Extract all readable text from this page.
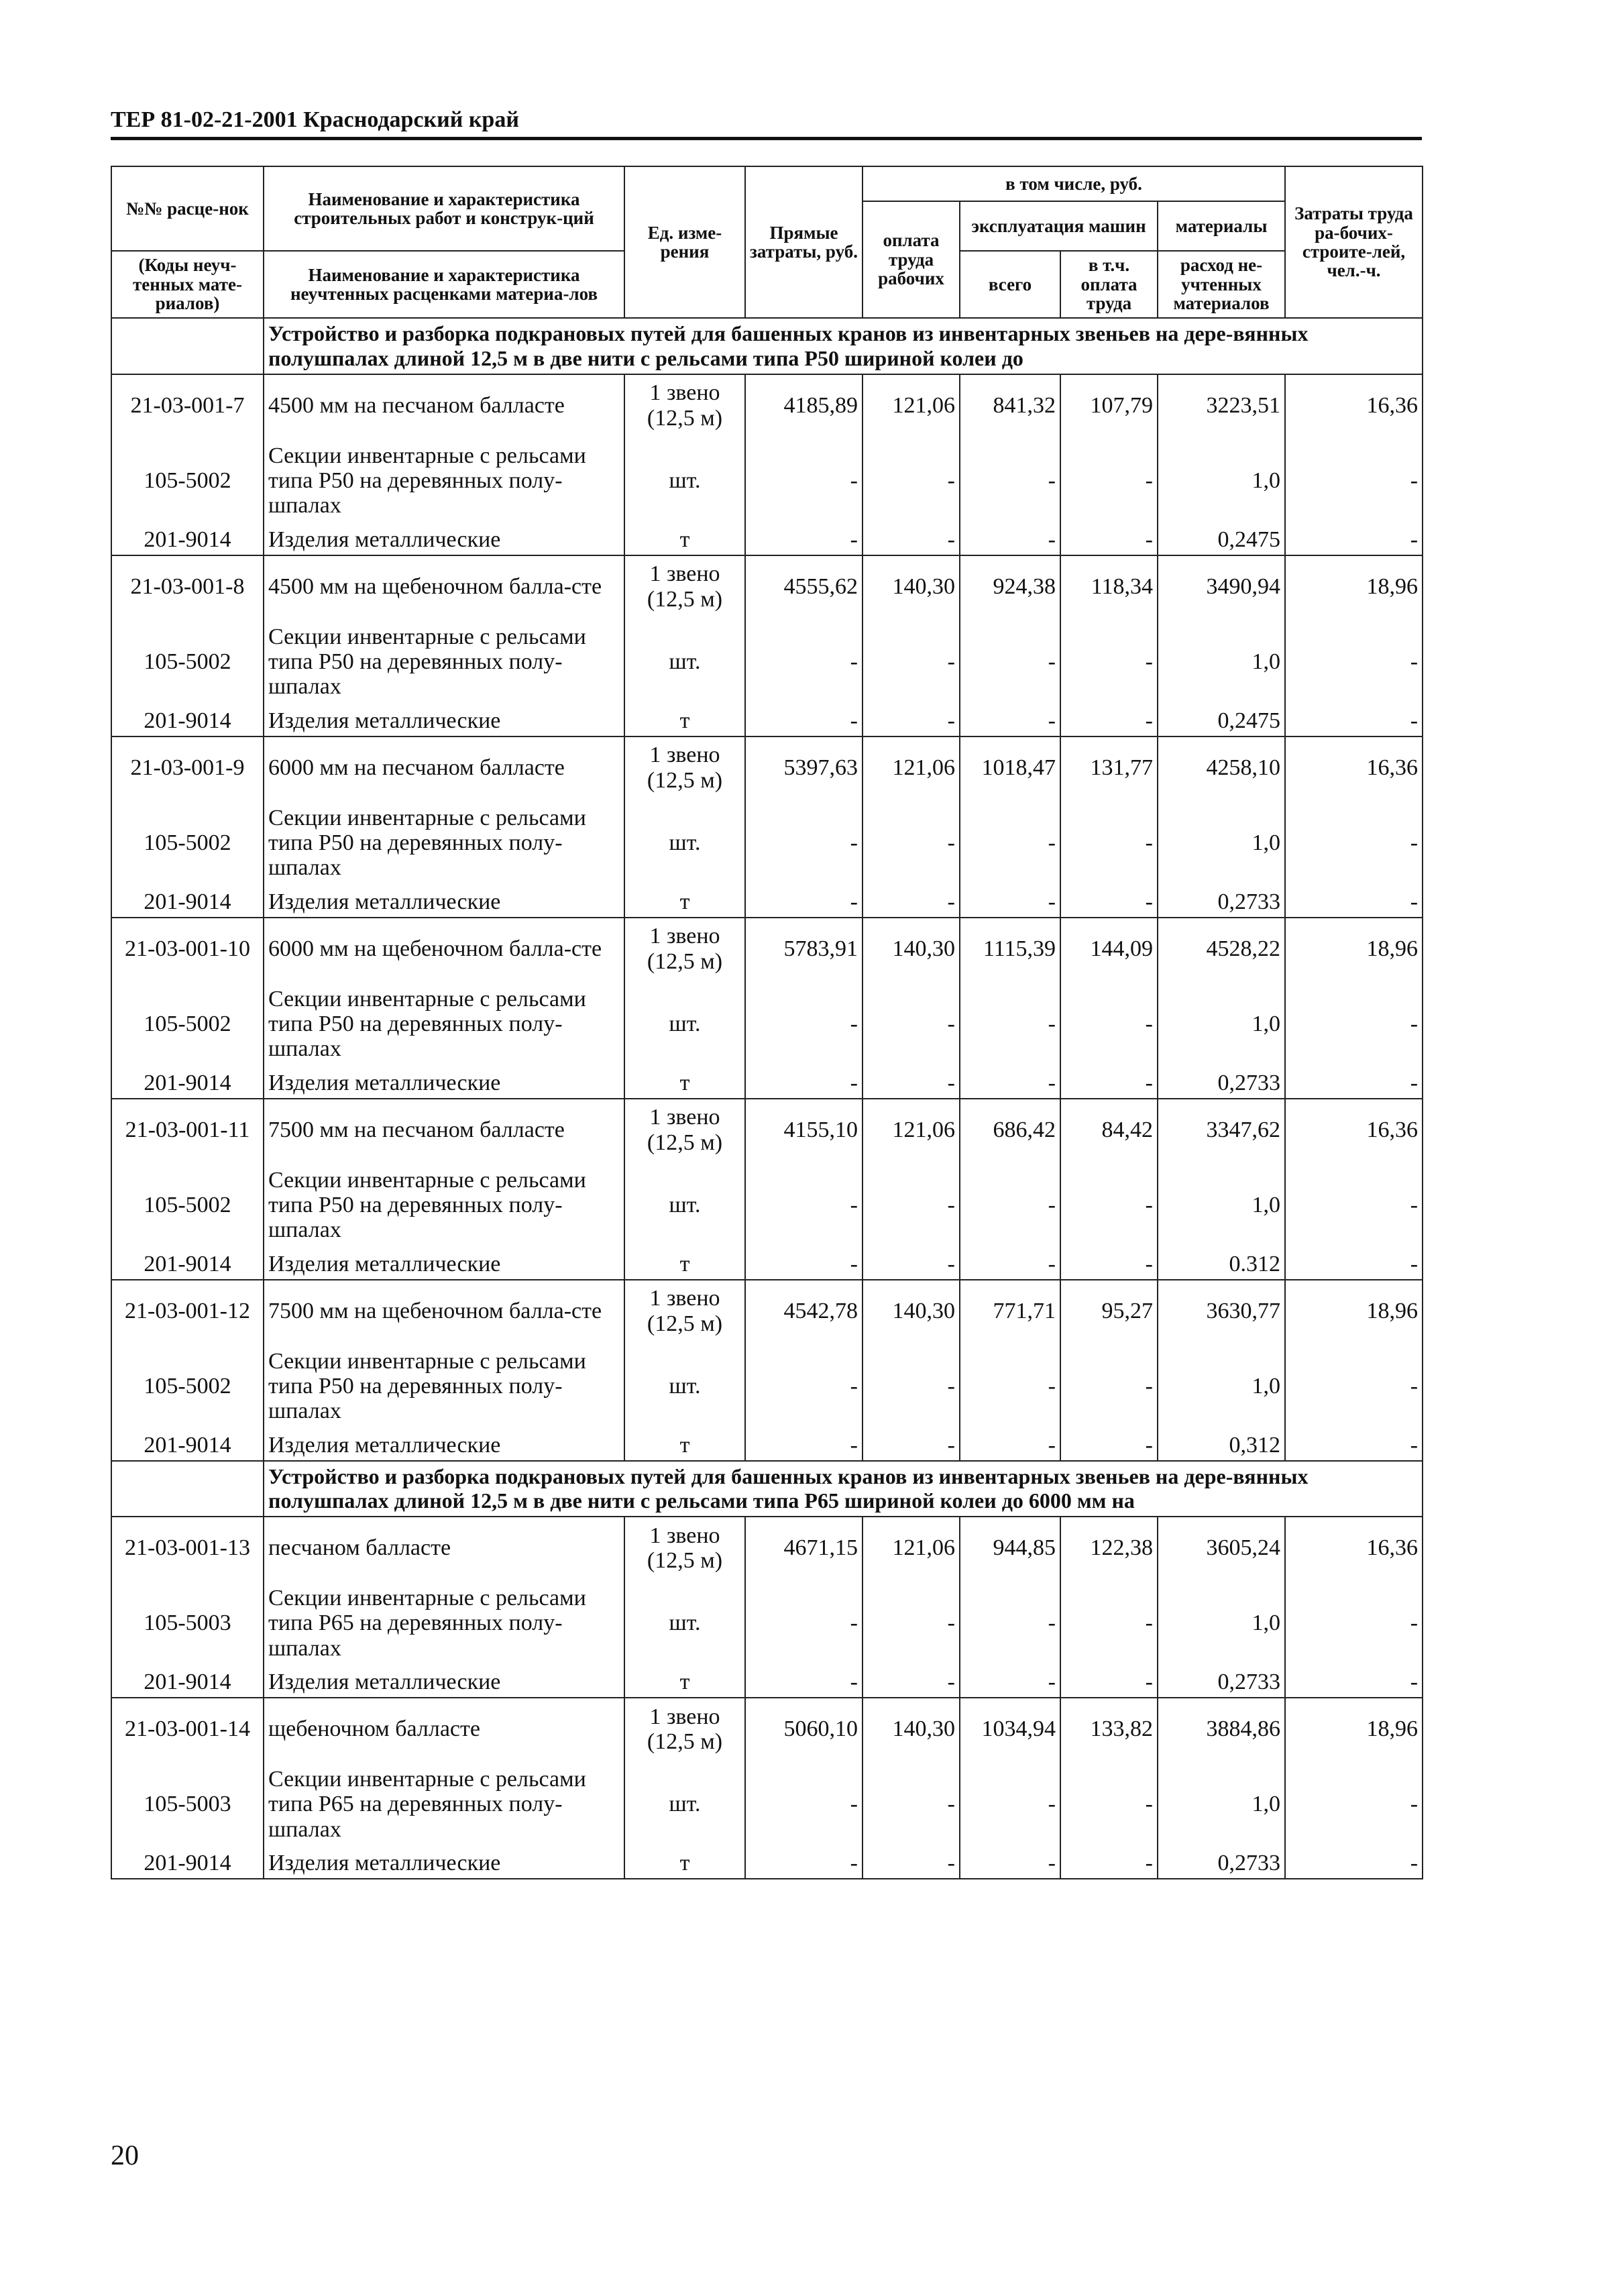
ТЕР 81-02-21-2001 Краснодарский край
№№ расце-нок	Наименование и характеристика строительных работ и конструк-ций	Ед. изме-рения	Прямые затраты, руб.	в том числе, руб.				Затраты труда ра-бочих-строите-лей, чел.-ч.
				оплата труда рабочих	эксплуатация машин		материалы	
(Коды неуч-тенных мате-риалов)	Наименование и характеристика неучтенных расценками материа-лов				всего	в т.ч. оплата труда	расход не-учтенных материалов	

	Устройство и разборка подкрановых путей для башенных кранов из инвентарных звеньев на дере-вянных полушпалах длиной 12,5 м в две нити с рельсами типа Р50 шириной колеи до							
21-03-001-7	4500 мм на песчаном балласте	1 звено (12,5 м)	4185,89	121,06	841,32	107,79	3223,51	16,36
105-5002	Секции инвентарные с рельсами типа Р50 на деревянных полу-шпалах	шт.	-	-	-	-	1,0	-
201-9014	Изделия металлические	т	-	-	-	-	0,2475	-
21-03-001-8	4500 мм на щебеночном балла-сте	1 звено (12,5 м)	4555,62	140,30	924,38	118,34	3490,94	18,96
105-5002	Секции инвентарные с рельсами типа Р50 на деревянных полу-шпалах	шт.	-	-	-	-	1,0	-
201-9014	Изделия металлические	т	-	-	-	-	0,2475	-
21-03-001-9	6000 мм на песчаном балласте	1 звено (12,5 м)	5397,63	121,06	1018,47	131,77	4258,10	16,36
105-5002	Секции инвентарные с рельсами типа Р50 на деревянных полу-шпалах	шт.	-	-	-	-	1,0	-
201-9014	Изделия металлические	т	-	-	-	-	0,2733	-
21-03-001-10	6000 мм на щебеночном балла-сте	1 звено (12,5 м)	5783,91	140,30	1115,39	144,09	4528,22	18,96
105-5002	Секции инвентарные с рельсами типа Р50 на деревянных полу-шпалах	шт.	-	-	-	-	1,0	-
201-9014	Изделия металлические	т	-	-	-	-	0,2733	-
21-03-001-11	7500 мм на песчаном балласте	1 звено (12,5 м)	4155,10	121,06	686,42	84,42	3347,62	16,36
105-5002	Секции инвентарные с рельсами типа Р50 на деревянных полу-шпалах	шт.	-	-	-	-	1,0	-
201-9014	Изделия металлические	т	-	-	-	-	0.312	-
21-03-001-12	7500 мм на щебеночном балла-сте	1 звено (12,5 м)	4542,78	140,30	771,71	95,27	3630,77	18,96
105-5002	Секции инвентарные с рельсами типа Р50 на деревянных полу-шпалах	шт.	-	-	-	-	1,0	-
201-9014	Изделия металлические	т	-	-	-	-	0,312	-
	Устройство и разборка подкрановых путей для башенных кранов из инвентарных звеньев на дере-вянных полушпалах длиной 12,5 м в две нити с рельсами типа Р65 шириной колеи до 6000 мм на							
21-03-001-13	песчаном балласте	1 звено (12,5 м)	4671,15	121,06	944,85	122,38	3605,24	16,36
105-5003	Секции инвентарные с рельсами типа Р65 на деревянных полу-шпалах	шт.	-	-	-	-	1,0	-
201-9014	Изделия металлические	т	-	-	-	-	0,2733	-
21-03-001-14	щебеночном балласте	1 звено (12,5 м)	5060,10	140,30	1034,94	133,82	3884,86	18,96
105-5003	Секции инвентарные с рельсами типа Р65 на деревянных полу-шпалах	шт.	-	-	-	-	1,0	-
201-9014	Изделия металлические	т	-	-	-	-	0,2733	-
20
